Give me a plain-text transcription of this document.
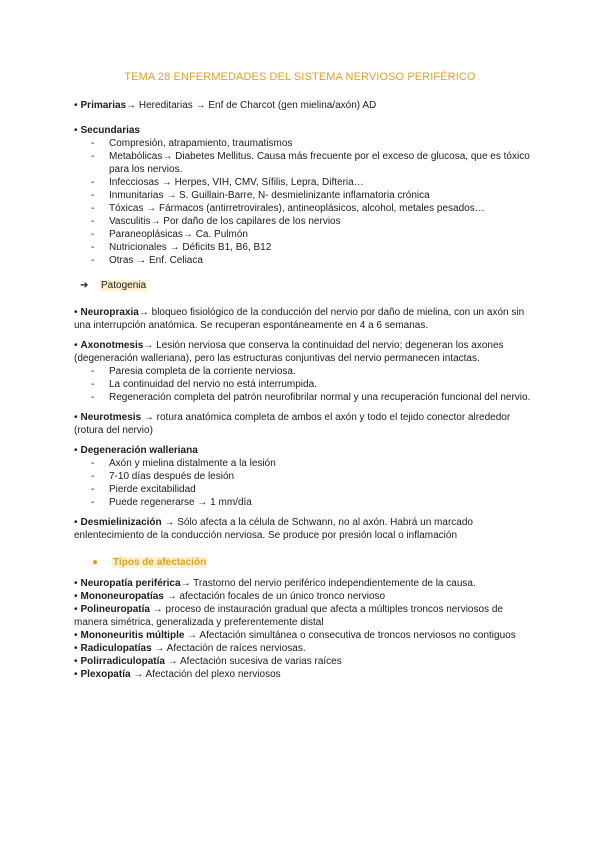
TEMA 28 ENFERMEDADES DEL SISTEMA NERVIOSO PERIFÉRICO

• Primarias→ Hereditarias → Enf de Charcot (gen mielina/axón) AD

• Secundarias

- Compresión, atrapamiento, traumatismos
- Metabólicas→ Diabetes Mellitus. Causa más frecuente por el exceso de glucosa, que es tóxico para los nervios.
- Infecciosas → Herpes, VIH, CMV, Sífilis, Lepra, Difteria…
- Inmunitarias → S. Guillain-Barre, N- desmielinizante inflamatoria crónica
- Tóxicas → Fármacos (antirretrovirales), antineoplásicos, alcohol, metales pesados…
- Vasculitis→ Por daño de los capilares de los nervios
- Paraneoplásicas→ Ca. Pulmón
- Nutricionales → Déficits B1, B6, B12
- Otras → Enf. Celiaca

➔ Patogenia

• Neuropraxia→ bloqueo fisiológico de la conducción del nervio por daño de mielina, con un axón sin una interrupción anatómica. Se recuperan espontáneamente en 4 a 6 semanas.

• Axonotmesis→ Lesión nerviosa que conserva la continuidad del nervio; degeneran los axones (degeneración walleriana), pero las estructuras conjuntivas del nervio permanecen intactas.

- Paresia completa de la corriente nerviosa.
- La continuidad del nervio no está interrumpida.
- Regeneración completa del patrón neurofibrilar normal y una recuperación funcional del nervio.

• Neurotmesis → rotura anatómica completa de ambos el axón y todo el tejido conector alrededor (rotura del nervio)

• Degeneración walleriana

- Axón y mielina distalmente a la lesión
- 7-10 días después de lesión
- Pierde excitabilidad
- Puede regenerarse → 1 mm/día

• Desmielinización → Sólo afecta a la célula de Schwann, no al axón. Habrá un marcado enlentecimiento de la conducción nerviosa. Se produce por presión local o inflamación

● Tipos de afectación

• Neuropatía periférica→ Trastorno del nervio periférico independientemente de la causa.

• Mononeuropatías → afectación focales de un único tronco nervioso

• Polineuropatía → proceso de instauración gradual que afecta a múltiples troncos nerviosos de manera simétrica, generalizada y preferentemente distal

• Mononeuritis múltiple → Afectación simultánea o consecutiva de troncos nerviosos no contiguos

• Radiculopatías → Afectación de raíces nerviosas.

• Polirradiculopatía → Afectación sucesiva de varias raíces

• Plexopatía → Afectación del plexo nerviosos
